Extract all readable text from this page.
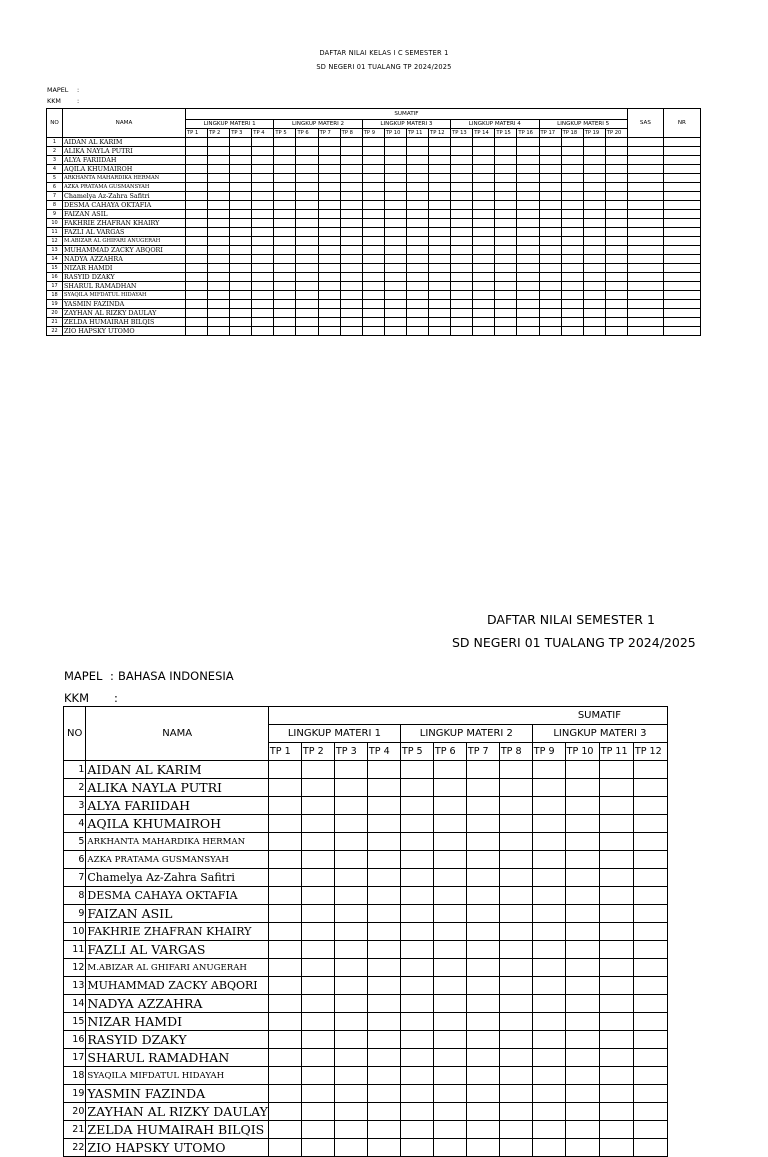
DAFTAR NILAI KELAS I C SEMESTER 1
SD NEGERI 01 TUALANG TP 2024/2025
MAPEL :
KKM	:
NO	NAMA	SUMATIF																				SAS	NR
		LINGKUP MATERI 1				LINGKUP MATERI 2				LINGKUP MATERI 3				LINGKUP MATERI 4				LINGKUP MATERI 5					
		TP 1	TP 2	TP 3	TP 4	TP 5	TP 6	TP 7	TP 8	TP 9	TP 10	TP 11	TP 12	TP 13	TP 14	TP 15	TP 16	TP 17	TP 18	TP 19	TP 20		
1	AIDAN AL KARIM																						
2	ALIKA NAYLA PUTRI																						
3	ALYA FARIIDAH																						
4	AQILA KHUMAIROH																						
5	ARKHANTA MAHARDIKA HERMAN																						
6	AZKA PRATAMA GUSMANSYAH																						
7	Chamelya Az-Zahra Safitri																						
8	DESMA CAHAYA OKTAFIA																						
9	FAIZAN ASIL																						
10	FAKHRIE ZHAFRAN KHAIRY																						
11	FAZLI AL VARGAS																						
12	M.ABIZAR AL GHIFARI ANUGERAH																						
13	MUHAMMAD ZACKY ABQORI																						
14	NADYA AZZAHRA																						
15	NIZAR HAMDI																						
16	RASYID DZAKY																						
17	SHARUL RAMADHAN																						
18	SYAQILA MIFDATUL HIDAYAH																						
19	YASMIN FAZINDA																						
20	ZAYHAN AL RIZKY DAULAY																						
21	ZELDA HUMAIRAH BILQIS																						
22	ZIO HAPSKY UTOMO																						
DAFTAR NILAI SEMESTER 1
SD NEGERI 01 TUALANG TP 2024/2025
MAPEL : BAHASA INDONESIA
KKM :
NO	NAMA	SUMATIF											
		LINGKUP MATERI 1				LINGKUP MATERI 2				LINGKUP MATERI 3			
		TP 1	TP 2	TP 3	TP 4	TP 5	TP 6	TP 7	TP 8	TP 9	TP 10	TP 11	TP 12
1	AIDAN AL KARIM												
2	ALIKA NAYLA PUTRI												
3	ALYA FARIIDAH												
4	AQILA KHUMAIROH												
5	ARKHANTA MAHARDIKA HERMAN												
6	AZKA PRATAMA GUSMANSYAH												
7	Chamelya Az-Zahra Safitri												
8	DESMA CAHAYA OKTAFIA												
9	FAIZAN ASIL												
10	FAKHRIE ZHAFRAN KHAIRY												
11	FAZLI AL VARGAS												
12	M.ABIZAR AL GHIFARI ANUGERAH												
13	MUHAMMAD ZACKY ABQORI												
14	NADYA AZZAHRA												
15	NIZAR HAMDI												
16	RASYID DZAKY												
17	SHARUL RAMADHAN												
18	SYAQILA MIFDATUL HIDAYAH												
19	YASMIN FAZINDA												
20	ZAYHAN AL RIZKY DAULAY												
21	ZELDA HUMAIRAH BILQIS												
22	ZIO HAPSKY UTOMO												
